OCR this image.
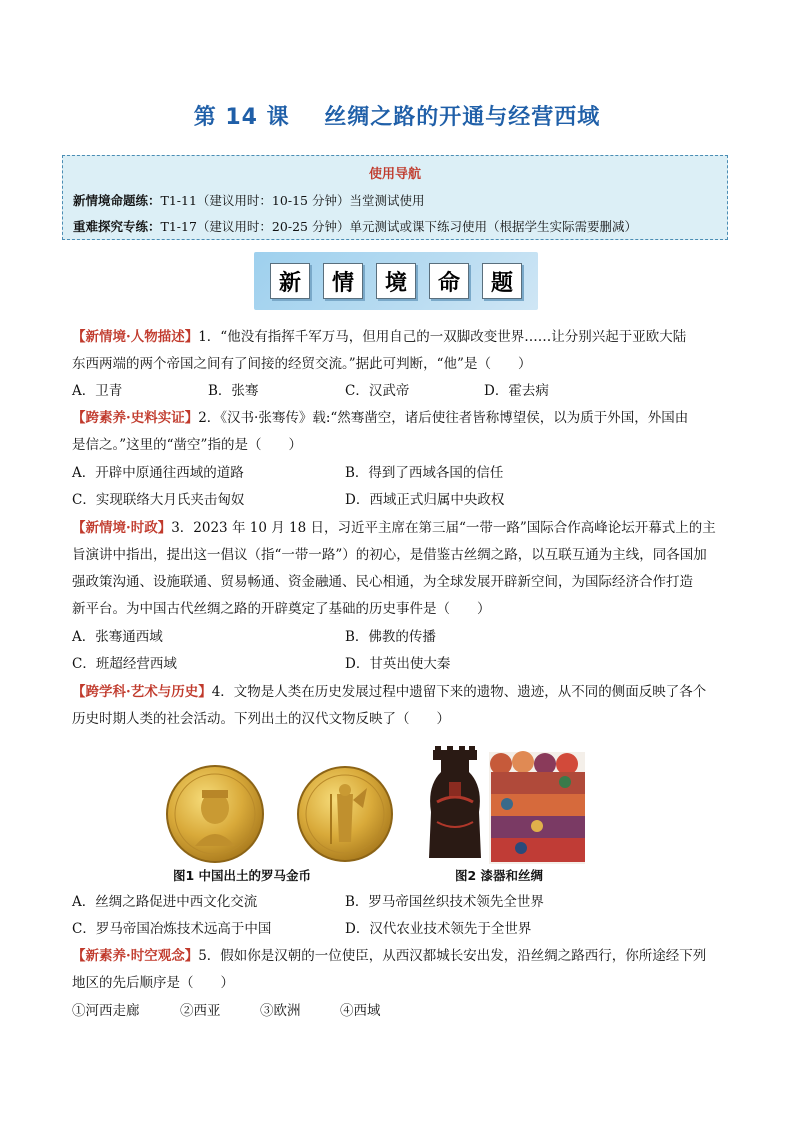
第 14 课    丝绸之路的开通与经营西域
使用导航
新情境命题练：T1-11（建议用时：10-15 分钟）当堂测试使用
重难探究专练：T1-17（建议用时：20-25 分钟）单元测试或课下练习使用（根据学生实际需要删减）
新	情	境	命	题
【新情境·人物描述】1．“他没有指挥千军万马，但用自己的一双脚改变世界……让分别兴起于亚欧大陆
东西两端的两个帝国之间有了间接的经贸交流。”据此可判断，“他”是（　　）
A．卫青	B．张骞	C．汉武帝	D．霍去病
【跨素养·史料实证】2．《汉书·张骞传》载:“然骞凿空，诸后使往者皆称博望侯，以为质于外国，外国由
是信之。”这里的“凿空”指的是（　　）
A．开辟中原通往西域的道路	B．得到了西域各国的信任
C．实现联络大月氏夹击匈奴	D．西域正式归属中央政权
【新情境·时政】3．2023 年 10 月 18 日，习近平主席在第三届“一带一路”国际合作高峰论坛开幕式上的主
旨演讲中指出，提出这一倡议（指“一带一路”）的初心，是借鉴古丝绸之路，以互联互通为主线，同各国加
强政策沟通、设施联通、贸易畅通、资金融通、民心相通，为全球发展开辟新空间，为国际经济合作打造
新平台。为中国古代丝绸之路的开辟奠定了基础的历史事件是（　　）
A．张骞通西域	B．佛教的传播
C．班超经营西域	D．甘英出使大秦
【跨学科·艺术与历史】4．文物是人类在历史发展过程中遗留下来的遗物、遗迹，从不同的侧面反映了各个
历史时期人类的社会活动。下列出土的汉代文物反映了（　　）
图1 中国出土的罗马金币	图2 漆器和丝绸
A．丝绸之路促进中西文化交流	B．罗马帝国丝织技术领先全世界
C．罗马帝国冶炼技术远高于中国	D．汉代农业技术领先于全世界
【新素养·时空观念】5．假如你是汉朝的一位使臣，从西汉都城长安出发，沿丝绸之路西行，你所途经下列
地区的先后顺序是（　　）
①河西走廊	②西亚	③欧洲	④西域
